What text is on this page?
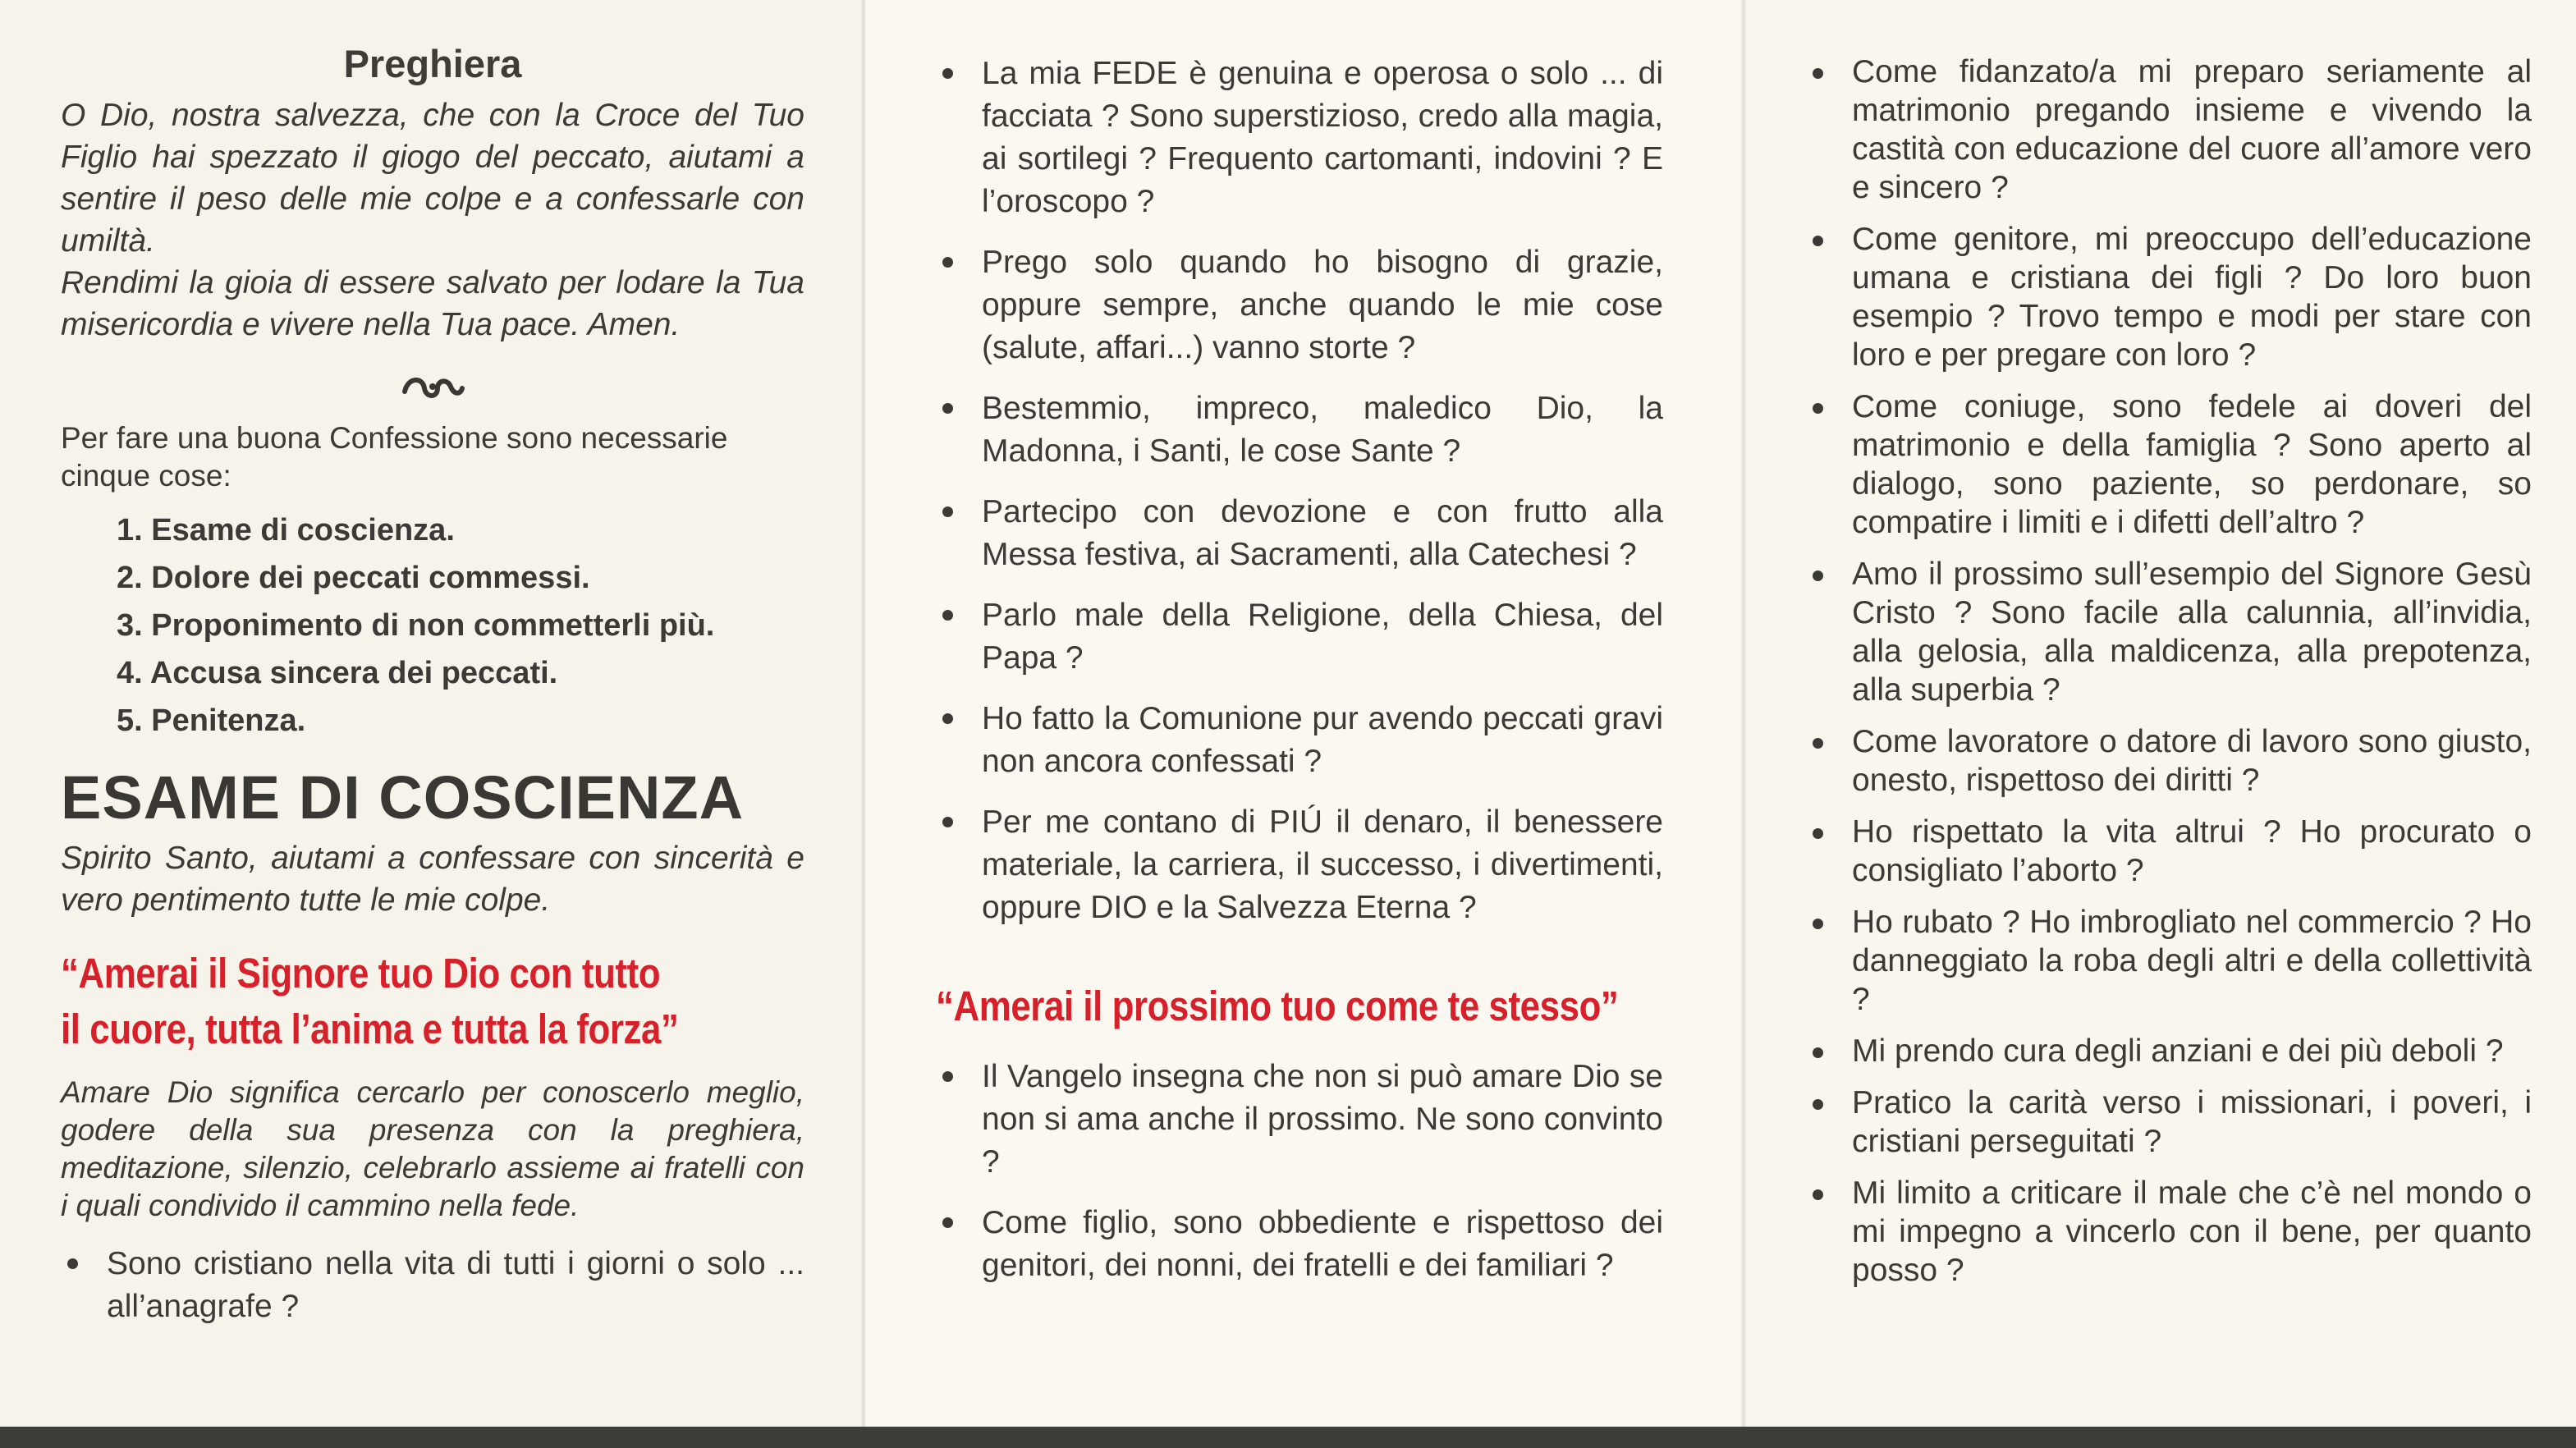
Preghiera

O Dio, nostra salvezza, che con la Croce del Tuo Figlio hai spezzato il giogo del peccato, aiutami a sentire il peso delle mie colpe e a confessarle con umiltà.

Rendimi la gioia di essere salvato per lodare la Tua misericordia e vivere nella Tua pace. Amen.

Per fare una buona Confessione sono necessarie cinque cose:

1. Esame di coscienza.
2. Dolore dei peccati commessi.
3. Proponimento di non commetterli più.
4. Accusa sincera dei peccati.
5. Penitenza.
ESAME DI COSCIENZA

Spirito Santo, aiutami a confessare con sincerità e vero pentimento tutte le mie colpe.

“Amerai il Signore tuo Dio con tutto
il cuore, tutta l’anima e tutta la forza”

Amare Dio significa cercarlo per conoscerlo meglio, godere della sua presenza con la preghiera, meditazione, silenzio, celebrarlo assieme ai fratelli con i quali condivido il cammino nella fede.

Sono cristiano nella vita di tutti i giorni o solo ... all’anagrafe ?
La mia FEDE è genuina e operosa o solo ... di facciata ? Sono superstizioso, credo alla magia, ai sortilegi ? Frequento cartomanti, indovini ? E l’oroscopo ?
Prego solo quando ho bisogno di grazie, oppure sempre, anche quando le mie cose (salute, affari...) vanno storte ?
Bestemmio, impreco, maledico Dio, la Madonna, i Santi, le cose Sante ?
Partecipo con devozione e con frutto alla Messa festiva, ai Sacramenti, alla Catechesi ?
Parlo male della Religione, della Chiesa, del Papa ?
Ho fatto la Comunione pur avendo peccati gravi non ancora confessati ?
Per me contano di PIÚ il denaro, il benessere materiale, la carriera, il successo, i divertimenti, oppure DIO e la Salvezza Eterna ?
“Amerai il prossimo tuo come te stesso”
Il Vangelo insegna che non si può amare Dio se non si ama anche il prossimo. Ne sono convinto ?
Come figlio, sono obbediente e rispettoso dei genitori, dei nonni, dei fratelli e dei familiari ?
Come fidanzato/a mi preparo seriamente al matrimonio pregando insieme e vivendo la castità con educazione del cuore all’amore vero e sincero ?
Come genitore, mi preoccupo dell’educazione umana e cristiana dei figli ? Do loro buon esempio ? Trovo tempo e modi per stare con loro e per pregare con loro ?
Come coniuge, sono fedele ai doveri del matrimonio e della famiglia ? Sono aperto al dialogo, sono paziente, so perdonare, so compatire i limiti e i difetti dell’altro ?
Amo il prossimo sull’esempio del Signore Gesù Cristo ? Sono facile alla calunnia, all’invidia, alla gelosia, alla maldicenza, alla prepotenza, alla superbia ?
Come lavoratore o datore di lavoro sono giusto, onesto, rispettoso dei diritti ?
Ho rispettato la vita altrui ? Ho procurato o consigliato l’aborto ?
Ho rubato ? Ho imbrogliato nel commercio ? Ho danneggiato la roba degli altri e della collettività ?
Mi prendo cura degli anziani e dei più deboli ?
Pratico la carità verso i missionari, i poveri, i cristiani perseguitati ?
Mi limito a criticare il male che c’è nel mondo o mi impegno a vincerlo con il bene, per quanto posso ?
